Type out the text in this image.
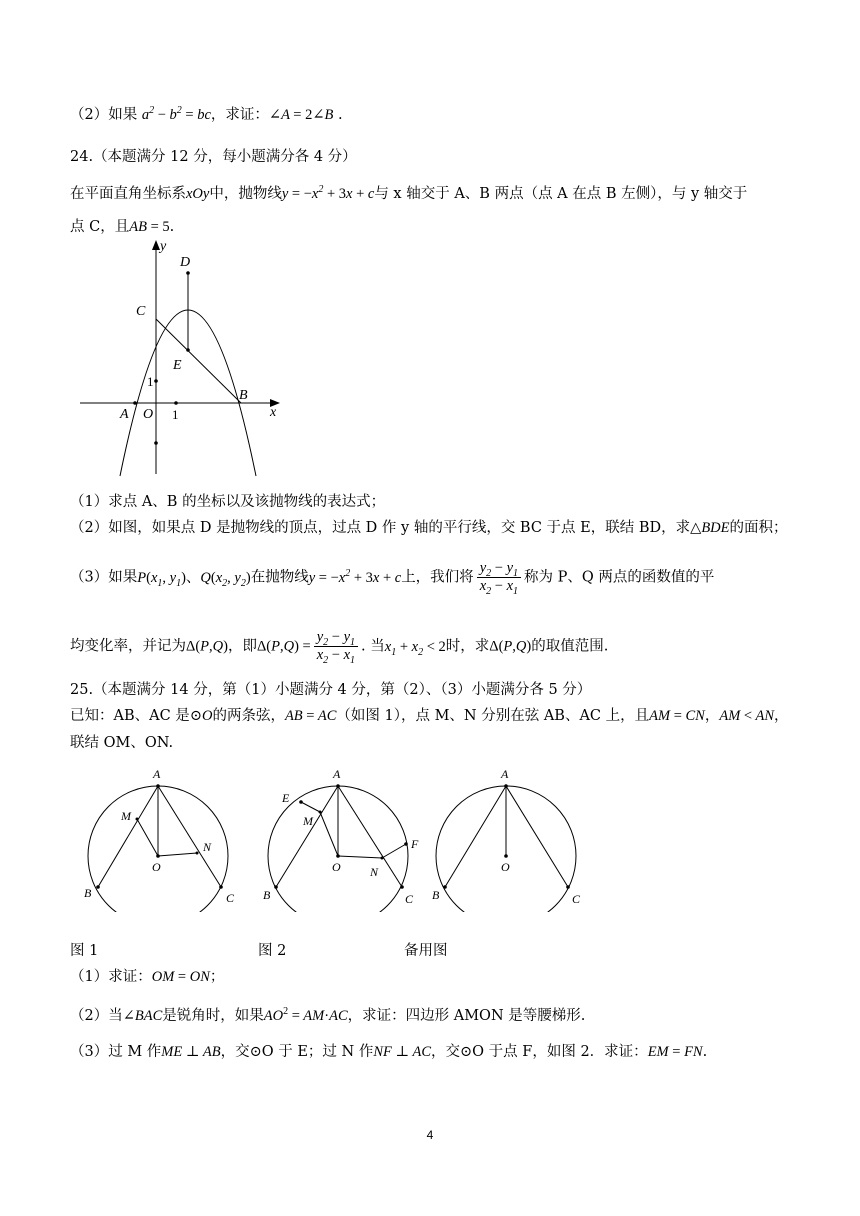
（2）如果 $a^2 - b^2$ = bc，求证：∠A = 2∠B .
24.（本题满分 12 分，每小题满分各 4 分）
在平面直角坐标系xOy中，抛物线$y = -x^2 + 3x + c$与 x 轴交于 A、B 两点（点 A 在点 B 左侧），与 y 轴交于
点 C，且AB = 5.
y
D
C
E
1
A O 1
B
x
（1）求点 A、B 的坐标以及该抛物线的表达式；
（2）如图，如果点 D 是抛物线的顶点，过点 D 作 y 轴的平行线，交 BC 于点 E，联结 BD，求△BDE的面积；
（3）如果$P(x_1$, $y_1$)、$Q(x_2$, $y_2$)在抛物线$y = -x^2 + 3x + c$上，我们将 $\frac{y_2 - y_1}{x_2 - x_1}$ 称为 P、Q 两点的函数值的平
均变化率，并记为Δ(P,Q)，即$\Delta(P,Q) = \frac{y_2 - y_1}{x_2 - x_1}$ . 当$x_1 + x_2 < 2$时，求Δ(P,Q)的取值范围.
25.（本题满分 14 分，第（1）小题满分 4 分，第（2）、（3）小题满分各 5 分）
已知：AB、AC 是⊙O的两条弦，AB = AC（如图 1），点 M、N 分别在弦 AB、AC 上，且AM = CN，AM < AN，
联结 OM、ON.
A
M
O
N
B	C
A
E
M
O N
F
B	C
A
O
B	C
图 1	图 2	备用图
（1）求证：OM = ON；
（2）当∠BAC是锐角时，如果$AO^2 = AM\cdot AC$，求证：四边形 AMON 是等腰梯形.
（3）过 M 作ME ⊥ AB，交⊙O 于 E；过 N 作NF ⊥ AC，交⊙O 于点 F，如图 2．求证：EM = FN.
4
